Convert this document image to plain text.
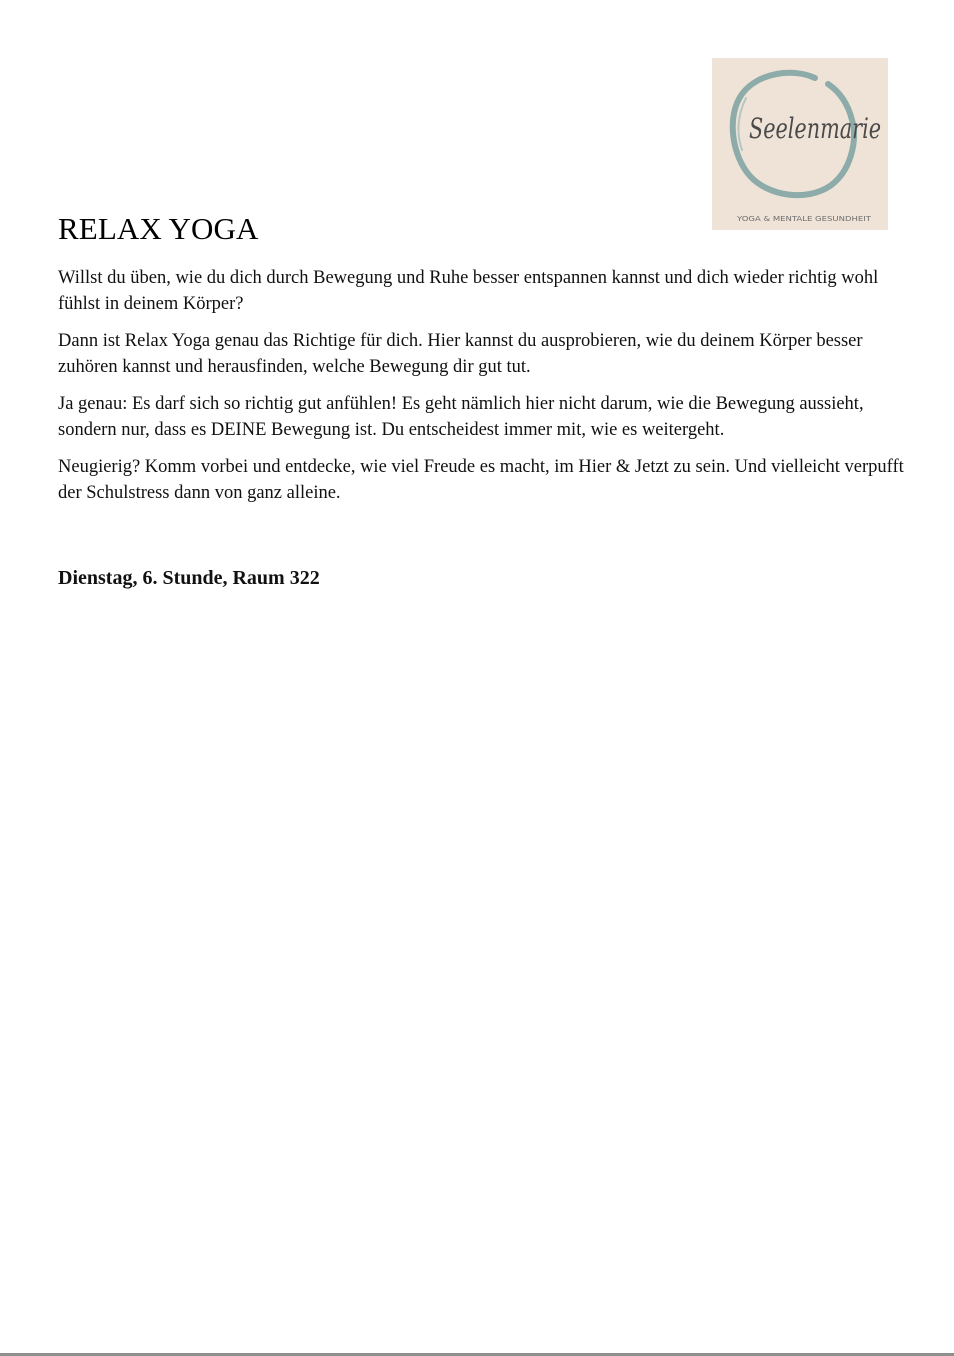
Seelenmarie
YOGA & MENTALE GESUNDHEIT
RELAX YOGA

Willst du üben, wie du dich durch Bewegung und Ruhe besser entspannen kannst und dich wieder richtig wohl fühlst in deinem Körper?

Dann ist Relax Yoga genau das Richtige für dich. Hier kannst du ausprobieren, wie du deinem Körper besser zuhören kannst und herausfinden, welche Bewegung dir gut tut.

Ja genau: Es darf sich so richtig gut anfühlen! Es geht nämlich hier nicht darum, wie die Bewegung aussieht, sondern nur, dass es DEINE Bewegung ist. Du entscheidest immer mit, wie es weitergeht.

Neugierig? Komm vorbei und entdecke, wie viel Freude es macht, im Hier & Jetzt zu sein. Und vielleicht verpufft der Schulstress dann von ganz alleine.

Dienstag, 6. Stunde, Raum 322
